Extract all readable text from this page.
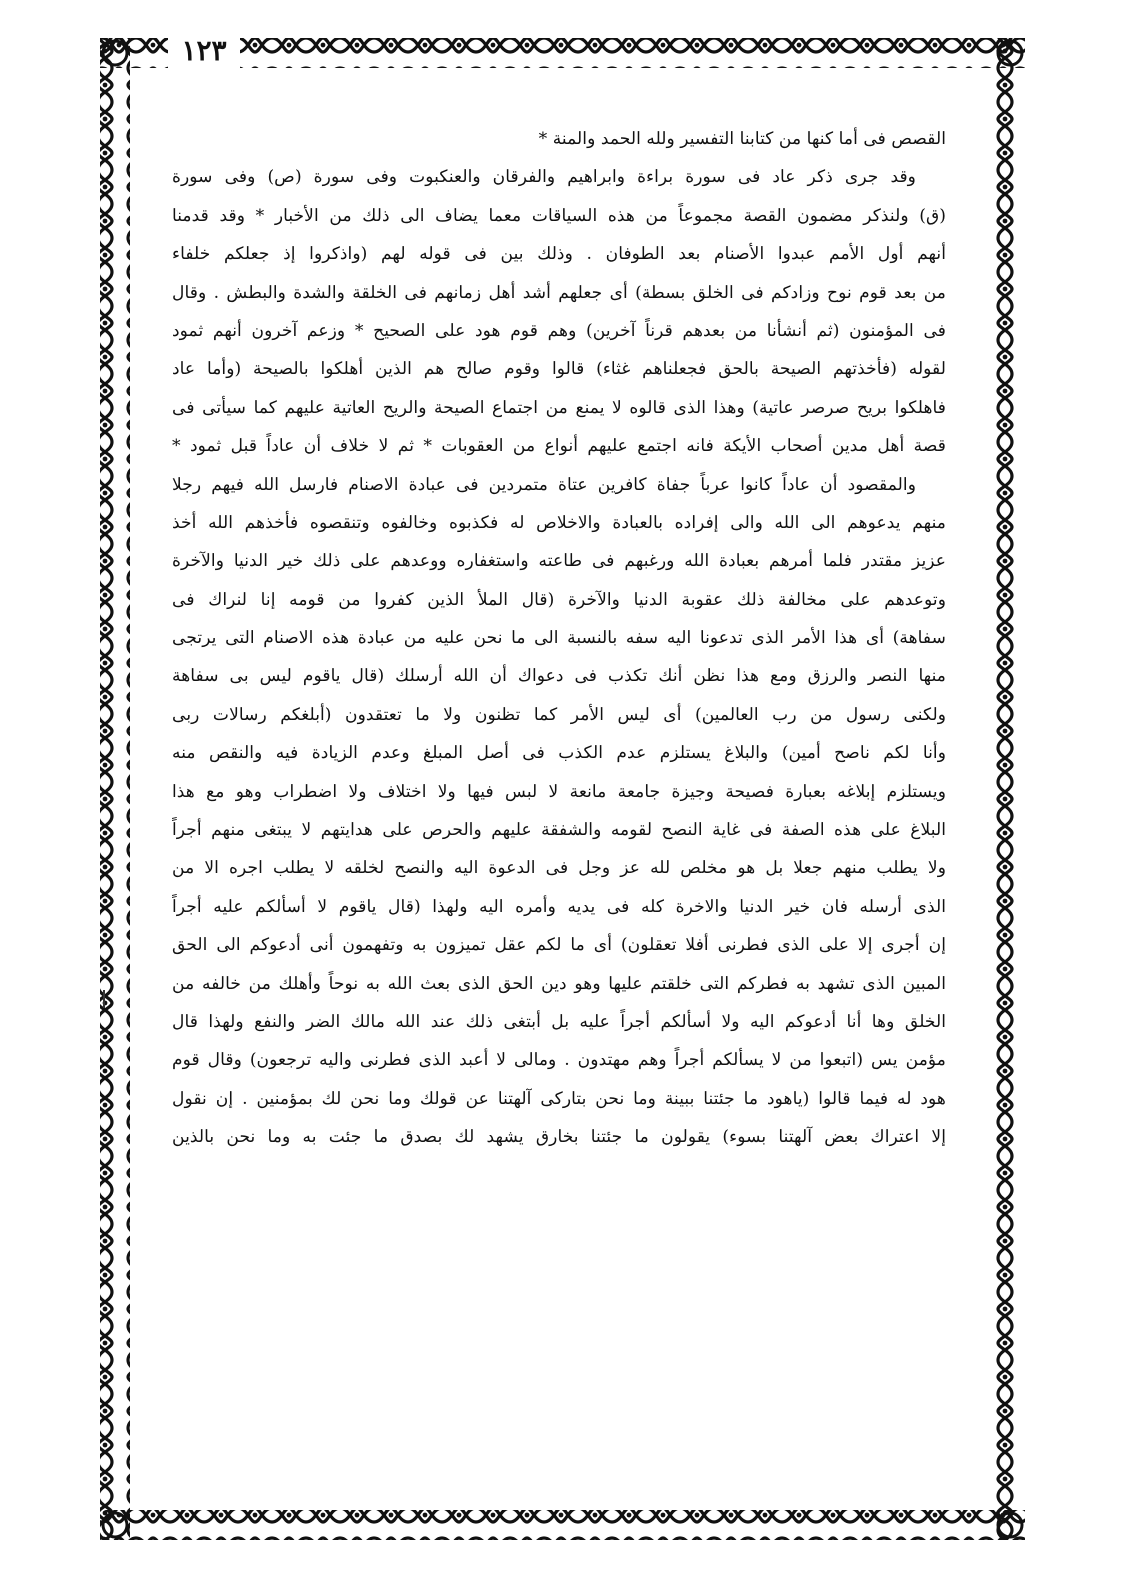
١٢٣
القصص فى أما كنها من كتابنا التفسير ولله الحمد والمنة *
وقد جرى ذكر عاد فى سورة براءة وابراهيم والفرقان والعنكبوت وفى سورة (ص) وفى سورة
(ق) ولنذكر مضمون القصة مجموعاً من هذه السياقات معما يضاف الى ذلك من الأخبار * وقد قدمنا
أنهم أول الأمم عبدوا الأصنام بعد الطوفان . وذلك بين فى قوله لهم (واذكروا إذ جعلكم خلفاء
من بعد قوم نوح وزادكم فى الخلق بسطة) أى جعلهم أشد أهل زمانهم فى الخلقة والشدة والبطش . وقال
فى المؤمنون (ثم أنشأنا من بعدهم قرناً آخرين) وهم قوم هود على الصحيح * وزعم آخرون أنهم ثمود
لقوله (فأخذتهم الصيحة بالحق فجعلناهم غثاء) قالوا وقوم صالح هم الذين أهلكوا بالصيحة (وأما عاد
فاهلكوا بريح صرصر عاتية) وهذا الذى قالوه لا يمنع من اجتماع الصيحة والريح العاتية عليهم كما سيأتى فى
قصة أهل مدين أصحاب الأيكة فانه اجتمع عليهم أنواع من العقوبات * ثم لا خلاف أن عاداً قبل ثمود *
والمقصود أن عاداً كانوا عرباً جفاة كافرين عتاة متمردين فى عبادة الاصنام فارسل الله فيهم رجلا
منهم يدعوهم الى الله والى إفراده بالعبادة والاخلاص له فكذبوه وخالفوه وتنقصوه فأخذهم الله أخذ
عزيز مقتدر فلما أمرهم بعبادة الله ورغبهم فى طاعته واستغفاره ووعدهم على ذلك خير الدنيا والآخرة
وتوعدهم على مخالفة ذلك عقوبة الدنيا والآخرة (قال الملأ الذين كفروا من قومه إنا لنراك فى
سفاهة) أى هذا الأمر الذى تدعونا اليه سفه بالنسبة الى ما نحن عليه من عبادة هذه الاصنام التى يرتجى
منها النصر والرزق ومع هذا نظن أنك تكذب فى دعواك أن الله أرسلك (قال ياقوم ليس بى سفاهة
ولكنى رسول من رب العالمين) أى ليس الأمر كما تظنون ولا ما تعتقدون (أبلغكم رسالات ربى
وأنا لكم ناصح أمين) والبلاغ يستلزم عدم الكذب فى أصل المبلغ وعدم الزيادة فيه والنقص منه
ويستلزم إبلاغه بعبارة فصيحة وجيزة جامعة مانعة لا لبس فيها ولا اختلاف ولا اضطراب وهو مع هذا
البلاغ على هذه الصفة فى غاية النصح لقومه والشفقة عليهم والحرص على هدايتهم لا يبتغى منهم أجراً
ولا يطلب منهم جعلا بل هو مخلص لله عز وجل فى الدعوة اليه والنصح لخلقه لا يطلب اجره الا من
الذى أرسله فان خير الدنيا والاخرة كله فى يديه وأمره اليه ولهذا (قال ياقوم لا أسألكم عليه أجراً
إن أجرى إلا على الذى فطرنى أفلا تعقلون) أى ما لكم عقل تميزون به وتفهمون أنى أدعوكم الى الحق
المبين الذى تشهد به فطركم التى خلقتم عليها وهو دين الحق الذى بعث الله به نوحاً وأهلك من خالفه من
الخلق وها أنا أدعوكم اليه ولا أسألكم أجراً عليه بل أبتغى ذلك عند الله مالك الضر والنفع ولهذا قال
مؤمن يس (اتبعوا من لا يسألكم أجراً وهم مهتدون . ومالى لا أعبد الذى فطرنى واليه ترجعون) وقال قوم
هود له فيما قالوا (ياهود ما جئتنا ببينة وما نحن بتاركى آلهتنا عن قولك وما نحن لك بمؤمنين . إن نقول
إلا اعتراك بعض آلهتنا بسوء) يقولون ما جئتنا بخارق يشهد لك بصدق ما جئت به وما نحن بالذين
